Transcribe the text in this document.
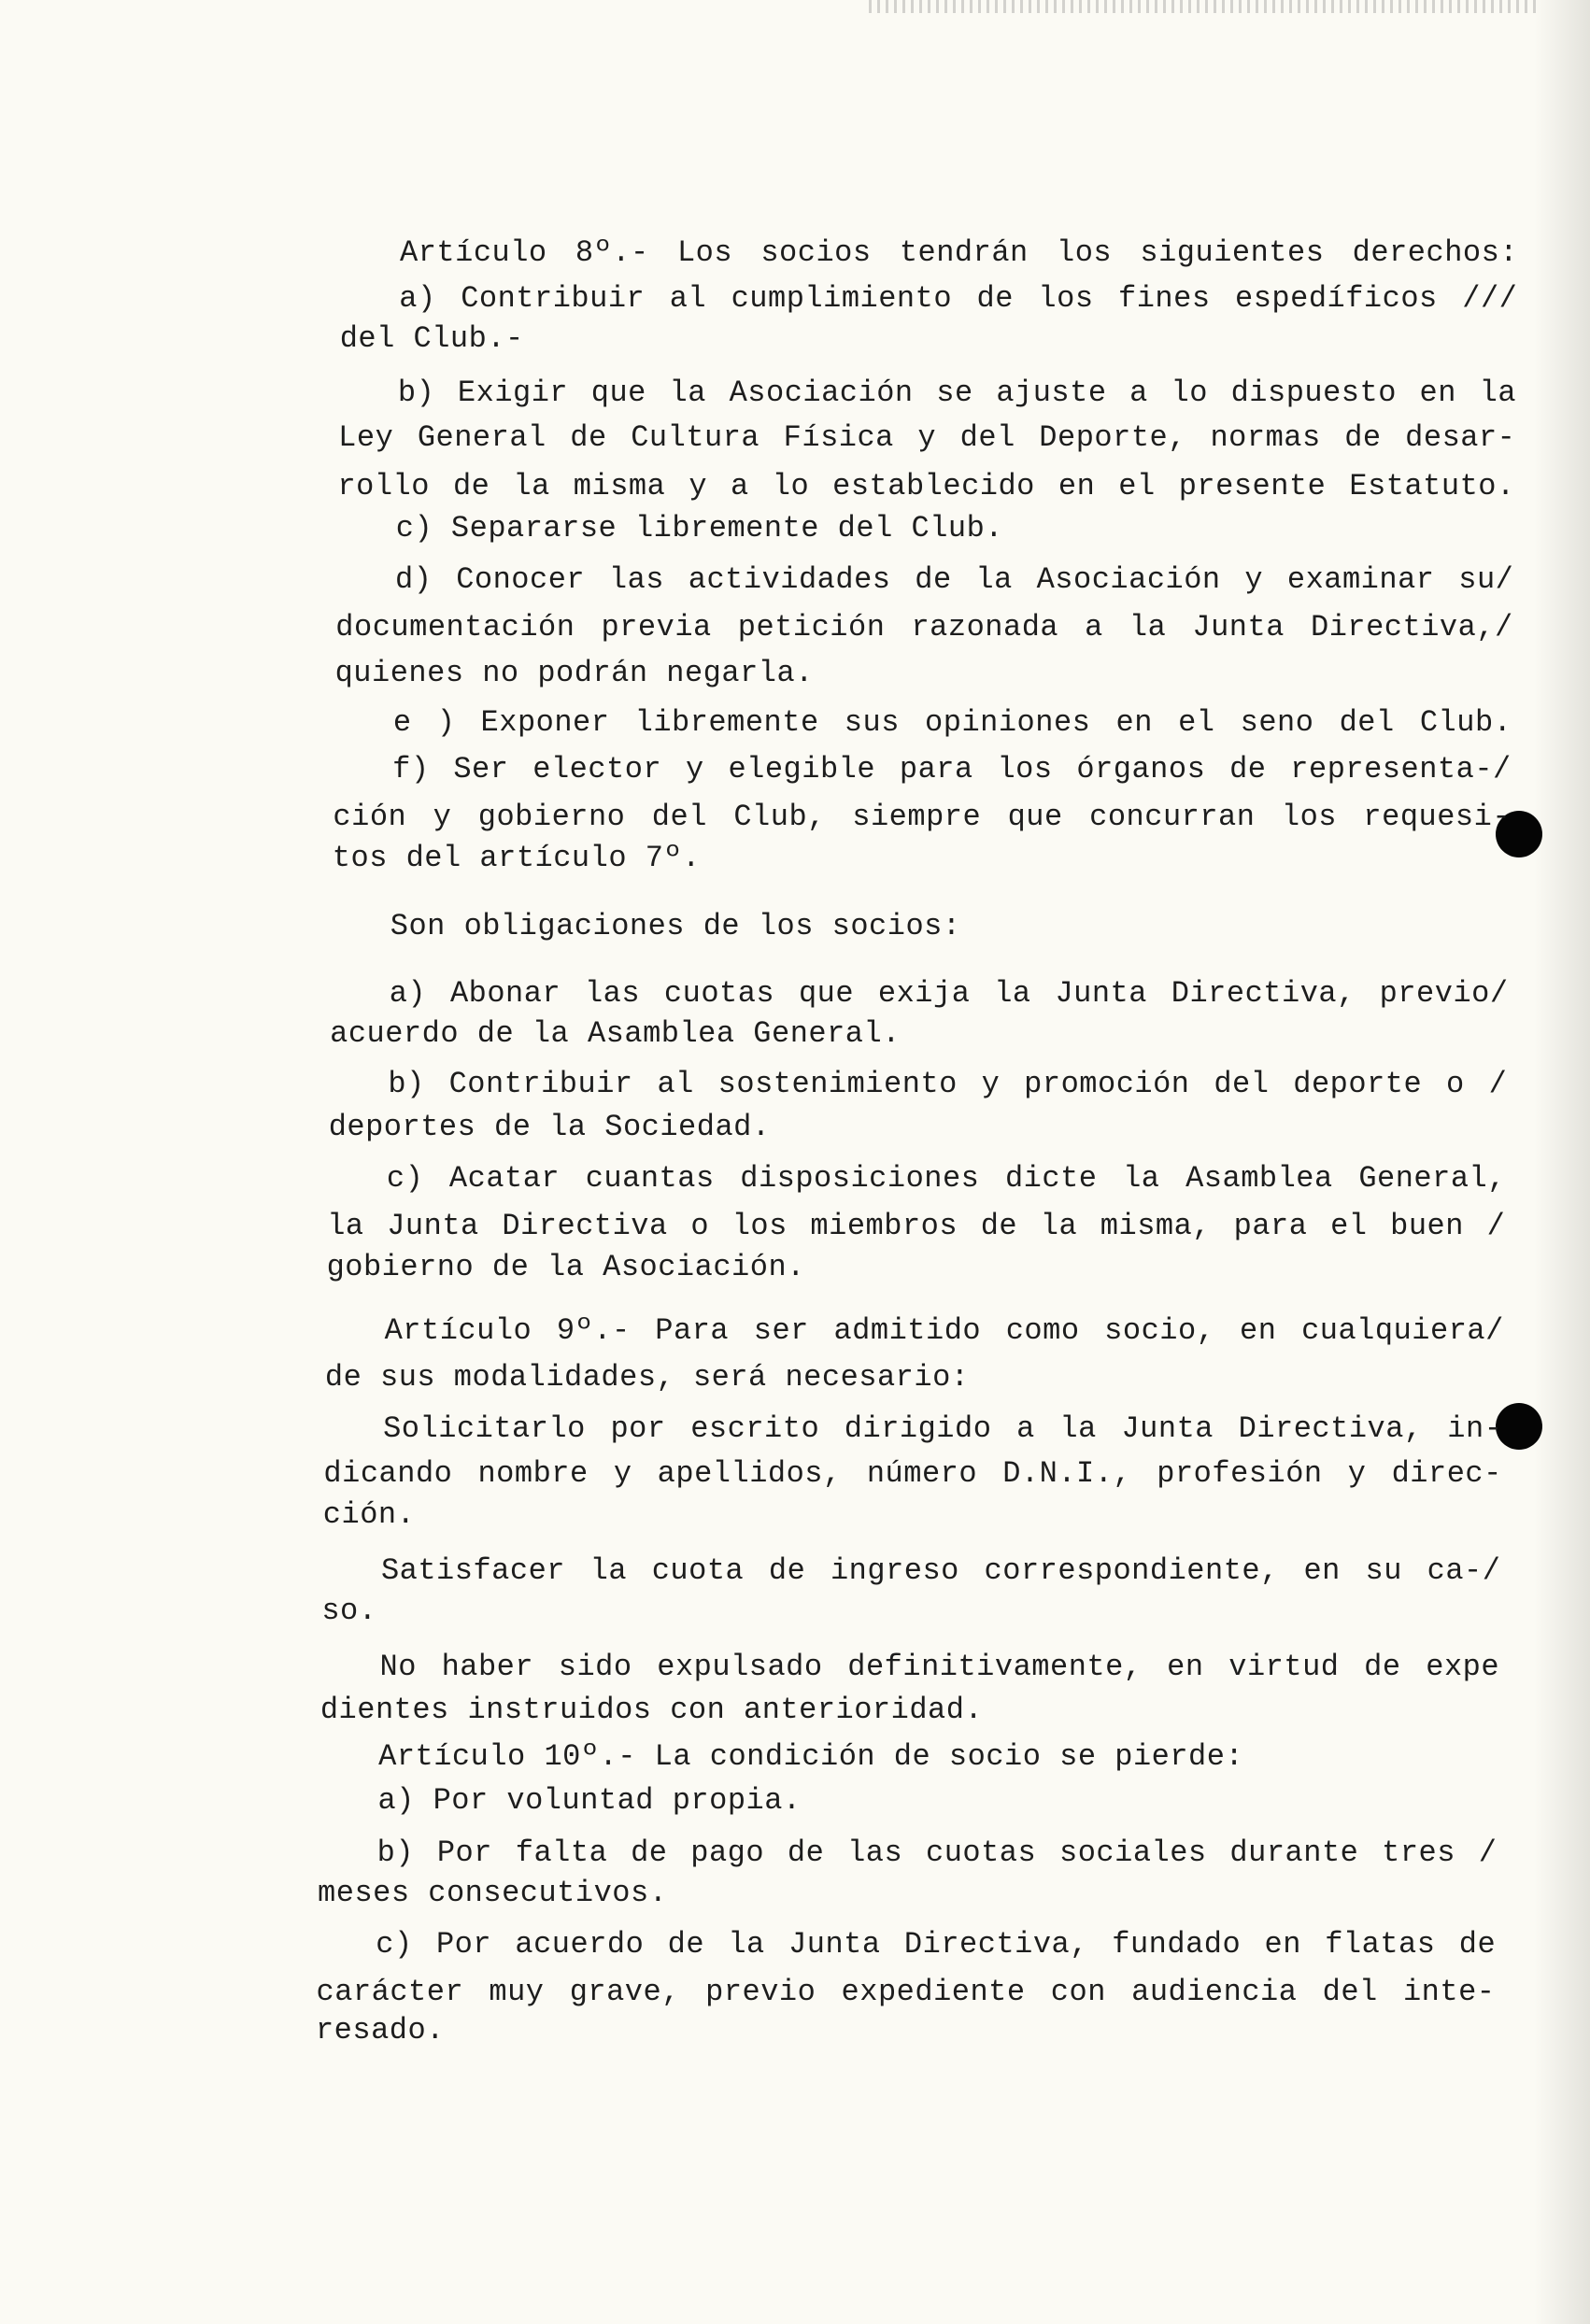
Artículo 8º.- Los socios tendrán los siguientes derechos:
a) Contribuir al cumplimiento de los fines espedíficos ///
del Club.-
b) Exigir que la Asociación se ajuste a lo dispuesto en la
Ley General de Cultura Física y del Deporte, normas de desar-
rollo de la misma y a lo establecido en el presente Estatuto.
c) Separarse libremente del Club.
d) Conocer las actividades de la Asociación y examinar su/
documentación previa petición razonada a la Junta Directiva,/
quienes no podrán negarla.
e ) Exponer libremente sus opiniones en el seno del Club.
f) Ser elector y elegible para los órganos de representa-/
ción y gobierno del Club, siempre que concurran los requesi-
tos del artículo 7º.
Son obligaciones de los socios:
a) Abonar las cuotas que exija la Junta Directiva, previo/
acuerdo de la Asamblea General.
b) Contribuir al sostenimiento y promoción del deporte o /
deportes de la Sociedad.
c) Acatar cuantas disposiciones dicte la Asamblea General,
la Junta Directiva o los miembros de la misma, para el buen /
gobierno de la Asociación.
Artículo 9º.- Para ser admitido como socio, en cualquiera/
de sus modalidades, será necesario:
Solicitarlo por escrito dirigido a la Junta Directiva, in-
dicando nombre y apellidos, número D.N.I., profesión y direc-
ción.
Satisfacer la cuota de ingreso correspondiente, en su ca-/
so.
No haber sido expulsado definitivamente, en virtud de expe
dientes instruidos con anterioridad.
Artículo 10º.- La condición de socio se pierde:
a) Por voluntad propia.
b) Por falta de pago de las cuotas sociales durante tres /
meses consecutivos.
c) Por acuerdo de la Junta Directiva, fundado en flatas de
carácter muy grave, previo expediente con audiencia del inte-
resado.
